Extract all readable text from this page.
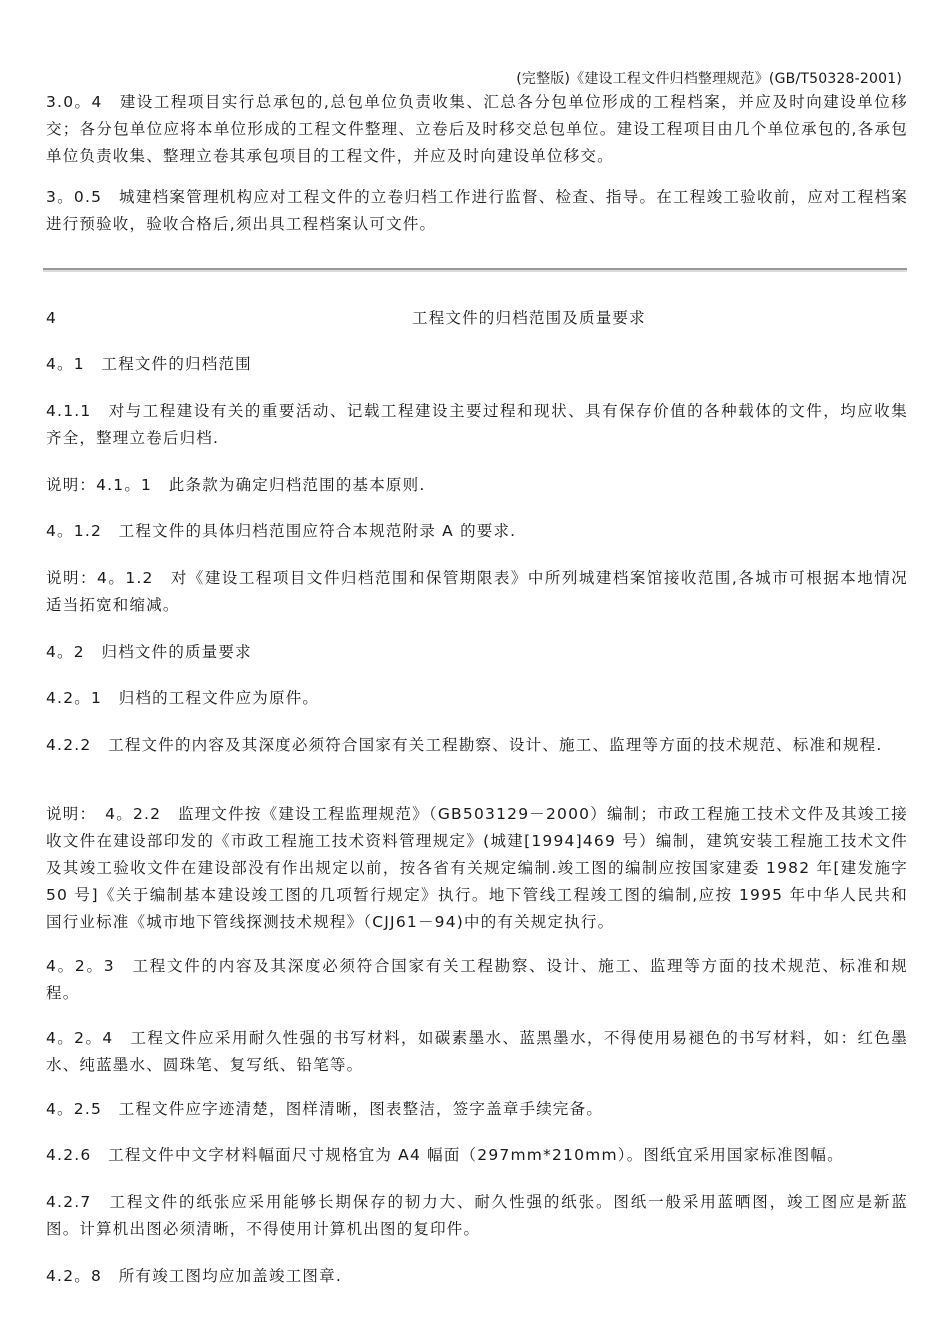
(完整版)《建设工程文件归档整理规范》(GB/T50328-2001)
3.0。4　建设工程项目实行总承包的,总包单位负责收集、汇总各分包单位形成的工程档案，并应及时向建设单位移交；各分包单位应将本单位形成的工程文件整理、立卷后及时移交总包单位。建设工程项目由几个单位承包的,各承包单位负责收集、整理立卷其承包项目的工程文件，并应及时向建设单位移交。
3。0.5　城建档案管理机构应对工程文件的立卷归档工作进行监督、检查、指导。在工程竣工验收前，应对工程档案进行预验收，验收合格后,须出具工程档案认可文件。
4	工程文件的归档范围及质量要求
4。1　工程文件的归档范围
4.1.1　对与工程建设有关的重要活动、记载工程建设主要过程和现状、具有保存价值的各种载体的文件，均应收集齐全，整理立卷后归档.
说明：4.1。1　此条款为确定归档范围的基本原则.
4。1.2　工程文件的具体归档范围应符合本规范附录 A 的要求.
说明：4。1.2　对《建设工程项目文件归档范围和保管期限表》中所列城建档案馆接收范围,各城市可根据本地情况适当拓宽和缩减。
4。2　归档文件的质量要求
4.2。1　归档的工程文件应为原件。
4.2.2　工程文件的内容及其深度必须符合国家有关工程勘察、设计、施工、监理等方面的技术规范、标准和规程.
说明：　4。2.2　监理文件按《建设工程监理规范》（GB503129－2000）编制；市政工程施工技术文件及其竣工接收文件在建设部印发的《市政工程施工技术资料管理规定》(城建[1994]469 号）编制，建筑安装工程施工技术文件及其竣工验收文件在建设部没有作出规定以前，按各省有关规定编制.竣工图的编制应按国家建委 1982 年[建发施字 50 号]《关于编制基本建设竣工图的几项暂行规定》执行。地下管线工程竣工图的编制,应按 1995 年中华人民共和国行业标准《城市地下管线探测技术规程》（CJJ61－94)中的有关规定执行。
4。2。3　工程文件的内容及其深度必须符合国家有关工程勘察、设计、施工、监理等方面的技术规范、标准和规程。
4。2。4　工程文件应采用耐久性强的书写材料，如碳素墨水、蓝黑墨水，不得使用易褪色的书写材料，如：红色墨水、纯蓝墨水、圆珠笔、复写纸、铅笔等。
4。2.5　工程文件应字迹清楚，图样清晰，图表整洁，签字盖章手续完备。
4.2.6　工程文件中文字材料幅面尺寸规格宜为 A4 幅面（297mm*210mm）。图纸宜采用国家标准图幅。
4.2.7　工程文件的纸张应采用能够长期保存的韧力大、耐久性强的纸张。图纸一般采用蓝晒图，竣工图应是新蓝图。计算机出图必须清晰，不得使用计算机出图的复印件。
4.2。8　所有竣工图均应加盖竣工图章.
